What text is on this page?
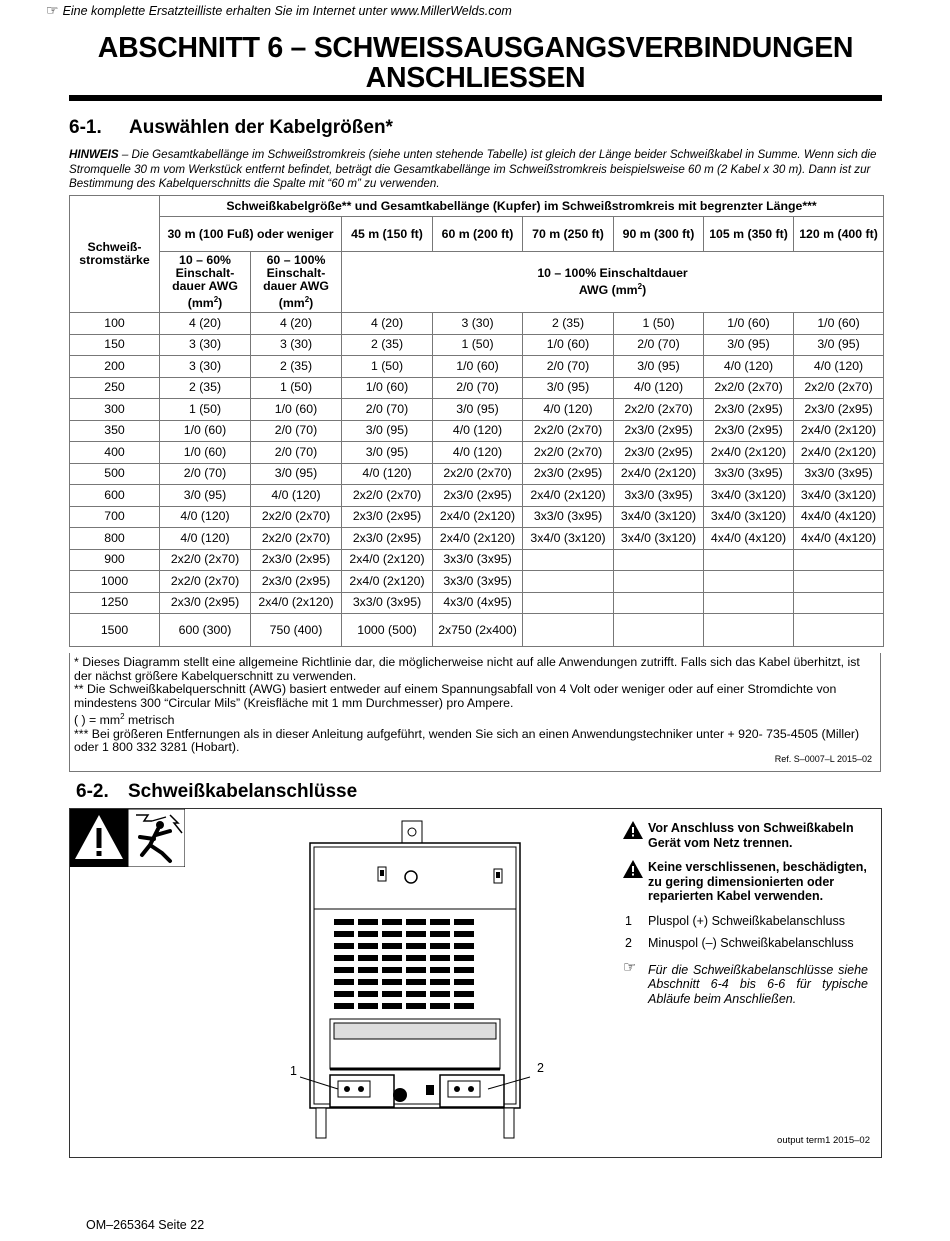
☞ Eine komplette Ersatzteilliste erhalten Sie im Internet unter www.MillerWelds.com
ABSCHNITT 6 – SCHWEISSAUSGANGSVERBINDUNGEN
ANSCHLIESSEN
6-1. Auswählen der Kabelgrößen*
HINWEIS – Die Gesamtkabellänge im Schweißstromkreis (siehe unten stehende Tabelle) ist gleich der Länge beider Schweißkabel in Summe. Wenn sich die Stromquelle 30 m vom Werkstück entfernt befindet, beträgt die Gesamtkabellänge im Schweißstromkreis beispielsweise 60 m (2 Kabel x 30 m). Dann ist zur Bestimmung des Kabelquerschnitts die Spalte mit “60 m” zu verwenden.
Schweiß-stromstärke	Schweißkabelgröße** und Gesamtkabellänge (Kupfer) im Schweißstromkreis mit begrenzter Länge***							
	30 m (100 Fuß) oder weniger		45 m (150 ft)	60 m (200 ft)	70 m (250 ft)	90 m (300 ft)	105 m (350 ft)	120 m (400 ft)
	10 – 60% Einschalt-dauer AWG $(mm^2)$	60 – 100% Einschalt-dauer AWG $(mm^2)$	10 – 100% Einschaltdauer
AWG $(mm^2)$					

100	4 (20)	4 (20)	4 (20)	3 (30)	2 (35)	1 (50)	1/0 (60)	1/0 (60)
150	3 (30)	3 (30)	2 (35)	1 (50)	1/0 (60)	2/0 (70)	3/0 (95)	3/0 (95)
200	3 (30)	2 (35)	1 (50)	1/0 (60)	2/0 (70)	3/0 (95)	4/0 (120)	4/0 (120)
250	2 (35)	1 (50)	1/0 (60)	2/0 (70)	3/0 (95)	4/0 (120)	2x2/0 (2x70)	2x2/0 (2x70)
300	1 (50)	1/0 (60)	2/0 (70)	3/0 (95)	4/0 (120)	2x2/0 (2x70)	2x3/0 (2x95)	2x3/0 (2x95)
350	1/0 (60)	2/0 (70)	3/0 (95)	4/0 (120)	2x2/0 (2x70)	2x3/0 (2x95)	2x3/0 (2x95)	2x4/0 (2x120)
400	1/0 (60)	2/0 (70)	3/0 (95)	4/0 (120)	2x2/0 (2x70)	2x3/0 (2x95)	2x4/0 (2x120)	2x4/0 (2x120)
500	2/0 (70)	3/0 (95)	4/0 (120)	2x2/0 (2x70)	2x3/0 (2x95)	2x4/0 (2x120)	3x3/0 (3x95)	3x3/0 (3x95)
600	3/0 (95)	4/0 (120)	2x2/0 (2x70)	2x3/0 (2x95)	2x4/0 (2x120)	3x3/0 (3x95)	3x4/0 (3x120)	3x4/0 (3x120)
700	4/0 (120)	2x2/0 (2x70)	2x3/0 (2x95)	2x4/0 (2x120)	3x3/0 (3x95)	3x4/0 (3x120)	3x4/0 (3x120)	4x4/0 (4x120)
800	4/0 (120)	2x2/0 (2x70)	2x3/0 (2x95)	2x4/0 (2x120)	3x4/0 (3x120)	3x4/0 (3x120)	4x4/0 (4x120)	4x4/0 (4x120)
900	2x2/0 (2x70)	2x3/0 (2x95)	2x4/0 (2x120)	3x3/0 (3x95)				
1000	2x2/0 (2x70)	2x3/0 (2x95)	2x4/0 (2x120)	3x3/0 (3x95)				
1250	2x3/0 (2x95)	2x4/0 (2x120)	3x3/0 (3x95)	4x3/0 (4x95)				
1500	600 (300)	750 (400)	1000 (500)	2x750 (2x400)				
* Dieses Diagramm stellt eine allgemeine Richtlinie dar, die möglicherweise nicht auf alle Anwendungen zutrifft. Falls sich das Kabel überhitzt, ist der nächst größere Kabelquerschnitt zu verwenden.
** Die Schweißkabelquerschnitt (AWG) basiert entweder auf einem Spannungsabfall von 4 Volt oder weniger oder auf einer Stromdichte von mindestens 300 “Circular Mils” (Kreisfläche mit 1 mm Durchmesser) pro Ampere.
( ) = $mm^2$ metrisch
*** Bei größeren Entfernungen als in dieser Anleitung aufgeführt, wenden Sie sich an einen Anwendungstechniker unter + 920- 735-4505 (Miller) oder 1 800 332 3281 (Hobart).
Ref. S–0007–L 2015–02
6-2. Schweißkabelanschlüsse
1	2
Vor Anschluss von Schweißkabeln Gerät vom Netz trennen.
Keine verschlissenen, beschädigten, zu gering dimensionierten oder reparierten Kabel verwenden.
1 Pluspol (+) Schweißkabelanschluss
2 Minuspol (–) Schweißkabelanschluss
☞ Für die Schweißkabelanschlüsse siehe Abschnitt 6-4 bis 6-6 für typische Abläufe beim Anschließen.
output term1 2015–02
OM–265364 Seite 22
